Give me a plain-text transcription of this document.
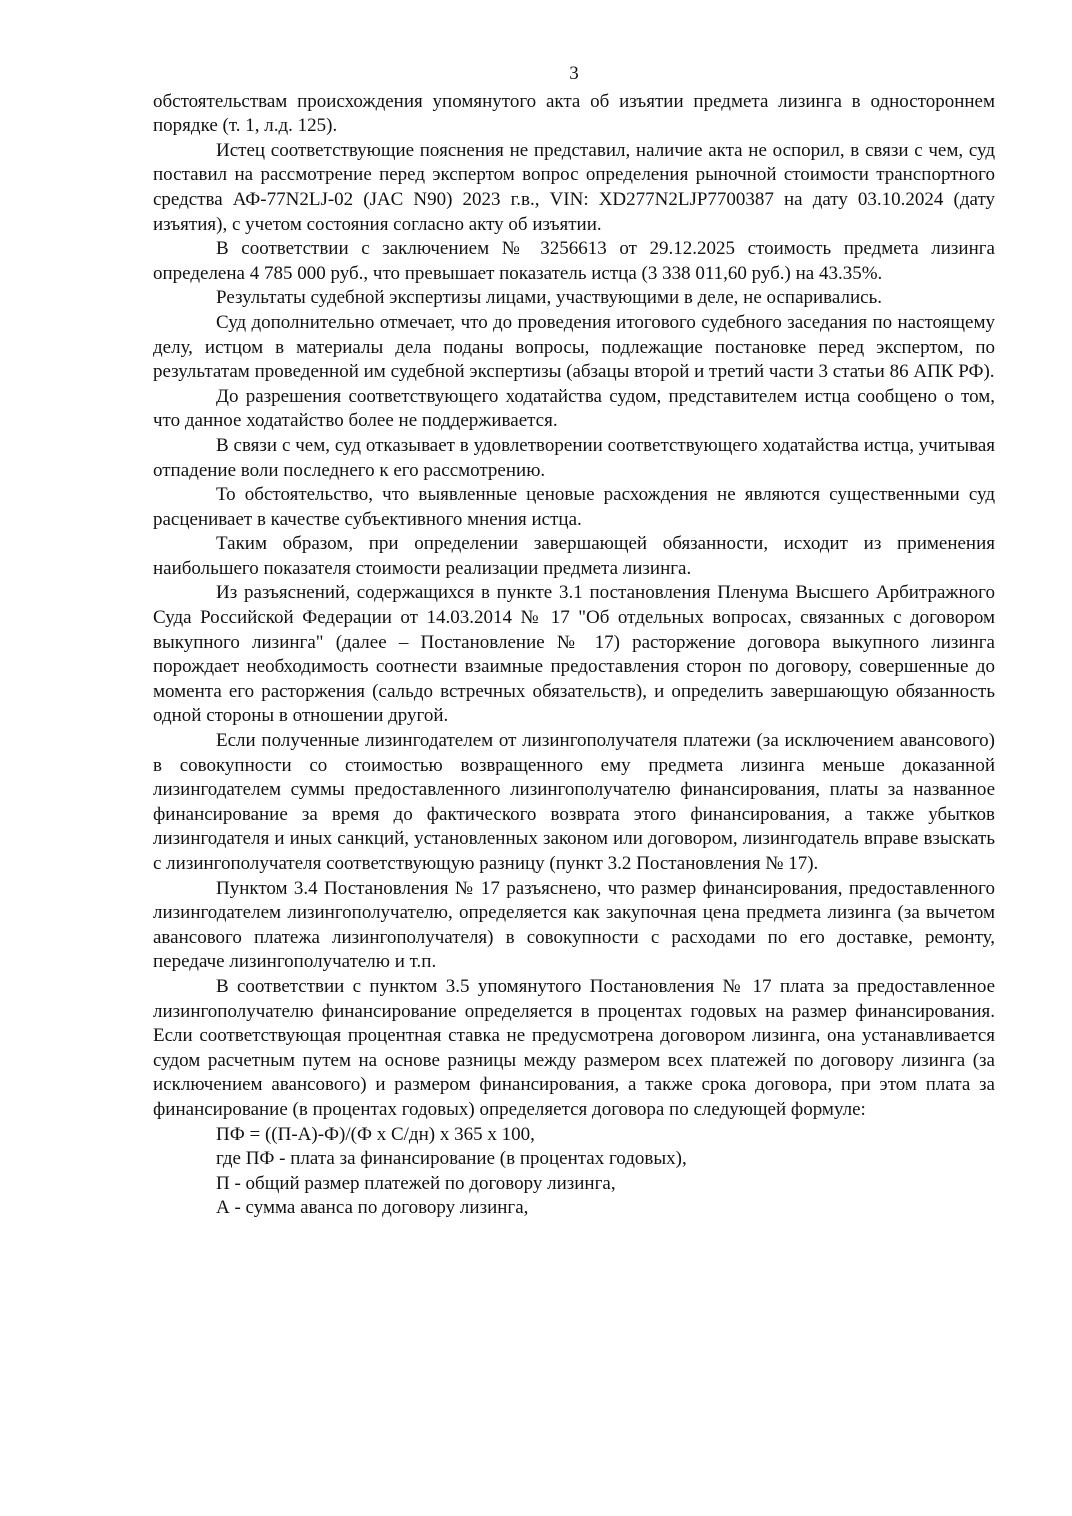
3

обстоятельствам происхождения упомянутого акта об изъятии предмета лизинга в одностороннем порядке (т. 1, л.д. 125).

Истец соответствующие пояснения не представил, наличие акта не оспорил, в связи с чем, суд поставил на рассмотрение перед экспертом вопрос определения рыночной стоимости транспортного средства АФ-77N2LJ-02 (JAC N90) 2023 г.в., VIN: XD277N2LJP7700387 на дату 03.10.2024 (дату изъятия), с учетом состояния согласно акту об изъятии.

В соответствии с заключением № 3256613 от 29.12.2025 стоимость предмета лизинга определена 4 785 000 руб., что превышает показатель истца (3 338 011,60 руб.) на 43.35%.

Результаты судебной экспертизы лицами, участвующими в деле, не оспаривались.

Суд дополнительно отмечает, что до проведения итогового судебного заседания по настоящему делу, истцом в материалы дела поданы вопросы, подлежащие постановке перед экспертом, по результатам проведенной им судебной экспертизы (абзацы второй и третий части 3 статьи 86 АПК РФ).

До разрешения соответствующего ходатайства судом, представителем истца сообщено о том, что данное ходатайство более не поддерживается.

В связи с чем, суд отказывает в удовлетворении соответствующего ходатайства истца, учитывая отпадение воли последнего к его рассмотрению.

То обстоятельство, что выявленные ценовые расхождения не являются существенными суд расценивает в качестве субъективного мнения истца.

Таким образом, при определении завершающей обязанности, исходит из применения наибольшего показателя стоимости реализации предмета лизинга.

Из разъяснений, содержащихся в пункте 3.1 постановления Пленума Высшего Арбитражного Суда Российской Федерации от 14.03.2014 № 17 "Об отдельных вопросах, связанных с договором выкупного лизинга" (далее – Постановление № 17) расторжение договора выкупного лизинга порождает необходимость соотнести взаимные предоставления сторон по договору, совершенные до момента его расторжения (сальдо встречных обязательств), и определить завершающую обязанность одной стороны в отношении другой.

Если полученные лизингодателем от лизингополучателя платежи (за исключением авансового) в совокупности со стоимостью возвращенного ему предмета лизинга меньше доказанной лизингодателем суммы предоставленного лизингополучателю финансирования, платы за названное финансирование за время до фактического возврата этого финансирования, а также убытков лизингодателя и иных санкций, установленных законом или договором, лизингодатель вправе взыскать с лизингополучателя соответствующую разницу (пункт 3.2 Постановления № 17).

Пунктом 3.4 Постановления № 17 разъяснено, что размер финансирования, предоставленного лизингодателем лизингополучателю, определяется как закупочная цена предмета лизинга (за вычетом авансового платежа лизингополучателя) в совокупности с расходами по его доставке, ремонту, передаче лизингополучателю и т.п.

В соответствии с пунктом 3.5 упомянутого Постановления № 17 плата за предоставленное лизингополучателю финансирование определяется в процентах годовых на размер финансирования. Если соответствующая процентная ставка не предусмотрена договором лизинга, она устанавливается судом расчетным путем на основе разницы между размером всех платежей по договору лизинга (за исключением авансового) и размером финансирования, а также срока договора, при этом плата за финансирование (в процентах годовых) определяется договора по следующей формуле:

ПФ = ((П-А)-Ф)/(Ф х С/дн) х 365 х 100,

где ПФ - плата за финансирование (в процентах годовых),

П - общий размер платежей по договору лизинга,

А - сумма аванса по договору лизинга,
